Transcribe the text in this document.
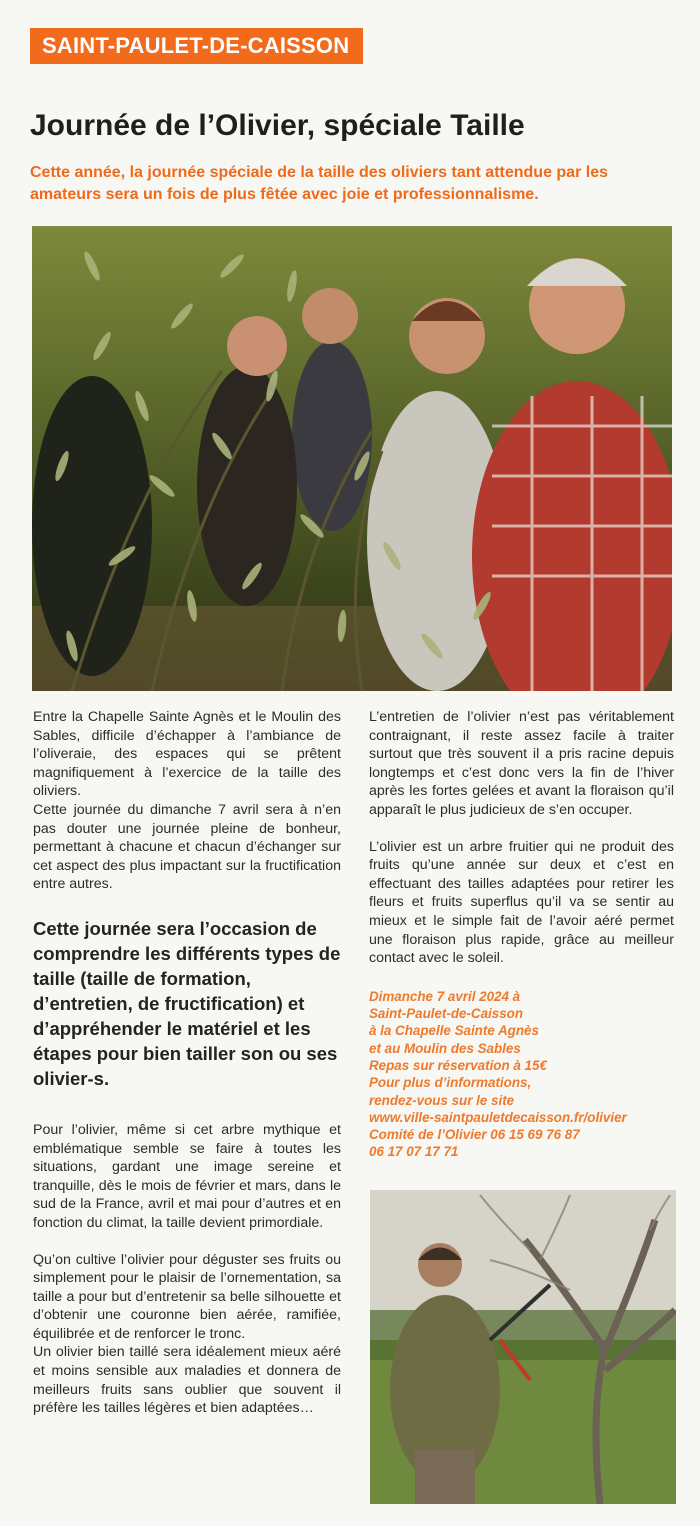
SAINT-PAULET-DE-CAISSON
Journée de l’Olivier, spéciale Taille

Cette année, la journée spéciale de la taille des oliviers tant attendue par les amateurs sera un fois de plus fêtée avec joie et professionnalisme.

Entre la Chapelle Sainte Agnès et le Moulin des Sables, difficile d’échapper à l’ambiance de l’oliveraie, des espaces qui se prêtent magnifiquement à l’exercice de la taille des oliviers.

Cette journée du dimanche 7 avril sera à n’en pas douter une journée pleine de bonheur, permettant à chacune et chacun d’échanger sur cet aspect des plus impactant sur la fructification entre autres.

Cette journée sera l’occasion de comprendre les différents types de taille (taille de formation, d’entretien, de fructification) et d’appréhender le matériel et les étapes pour bien tailler son ou ses olivier-s.

Pour l’olivier, même si cet arbre mythique et emblématique semble se faire à toutes les situations, gardant une image sereine et tranquille, dès le mois de février et mars, dans le sud de la France, avril et mai pour d’autres et en fonction du climat, la taille devient primordiale.

Qu’on cultive l’olivier pour déguster ses fruits ou simplement pour le plaisir de l’ornementation, sa taille a pour but d’entretenir sa belle silhouette et d’obtenir une couronne bien aérée, ramifiée, équilibrée et de renforcer le tronc.

Un olivier bien taillé sera idéalement mieux aéré et moins sensible aux maladies et donnera de meilleurs fruits sans oublier que souvent il préfère les tailles légères et bien adaptées…

L’entretien de l’olivier n’est pas véritablement contraignant, il reste assez facile à traiter surtout que très souvent il a pris racine depuis longtemps et c’est donc vers la fin de l’hiver après les fortes gelées et avant la floraison qu’il apparaît le plus judicieux de s’en occuper.

L’olivier est un arbre fruitier qui ne produit des fruits qu’une année sur deux et c’est en effectuant des tailles adaptées pour retirer les fleurs et fruits superflus qu’il va se sentir au mieux et le simple fait de l’avoir aéré permet une floraison plus rapide, grâce au meilleur contact avec le soleil.

Dimanche 7 avril 2024 à
Saint-Paulet-de-Caisson
à la Chapelle Sainte Agnès
et au Moulin des Sables
Repas sur réservation à 15€
Pour plus d’informations,
rendez-vous sur le site
www.ville-saintpauletdecaisson.fr/olivier
Comité de l’Olivier 06 15 69 76 87
06 17 07 17 71
